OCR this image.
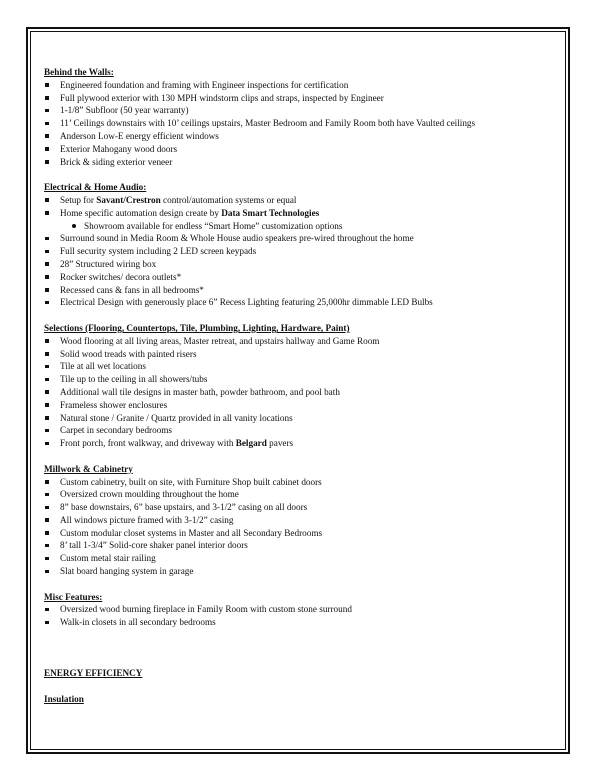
Behind the Walls:
Engineered foundation and framing with Engineer inspections for certification
Full plywood exterior with 130 MPH windstorm clips and straps, inspected by Engineer
1-1/8” Subfloor (50 year warranty)
11’ Ceilings downstairs with 10’ ceilings upstairs, Master Bedroom and Family Room both have Vaulted ceilings
Anderson Low-E energy efficient windows
Exterior Mahogany wood doors
Brick & siding exterior veneer
Electrical & Home Audio:
Setup for Savant/Crestron control/automation systems or equal
Home specific automation design create by Data Smart Technologies
Showroom available for endless “Smart Home” customization options
Surround sound in Media Room & Whole House audio speakers pre-wired throughout the home
Full security system including 2 LED screen keypads
28” Structured wiring box
Rocker switches/ decora outlets*
Recessed cans & fans in all bedrooms*
Electrical Design with generously place 6” Recess Lighting featuring 25,000hr dimmable LED Bulbs
Selections (Flooring, Countertops, Tile, Plumbing, Lighting, Hardware, Paint)
Wood flooring at all living areas, Master retreat, and upstairs hallway and Game Room
Solid wood treads with painted risers
Tile at all wet locations
Tile up to the ceiling in all showers/tubs
Additional wall tile designs in master bath, powder bathroom, and pool bath
Frameless shower enclosures
Natural stone / Granite / Quartz provided in all vanity locations
Carpet in secondary bedrooms
Front porch, front walkway, and driveway with Belgard pavers
Millwork & Cabinetry
Custom cabinetry, built on site, with Furniture Shop built cabinet doors
Oversized crown moulding throughout the home
8” base downstairs, 6” base upstairs, and 3-1/2” casing on all doors
All windows picture framed with 3-1/2” casing
Custom modular closet systems in Master and all Secondary Bedrooms
8’ tall 1-3/4” Solid-core shaker panel interior doors
Custom metal stair railing
Slat board hanging system in garage
Misc Features:
Oversized wood burning fireplace in Family Room with custom stone surround
Walk-in closets in all secondary bedrooms
ENERGY EFFICIENCY
Insulation
